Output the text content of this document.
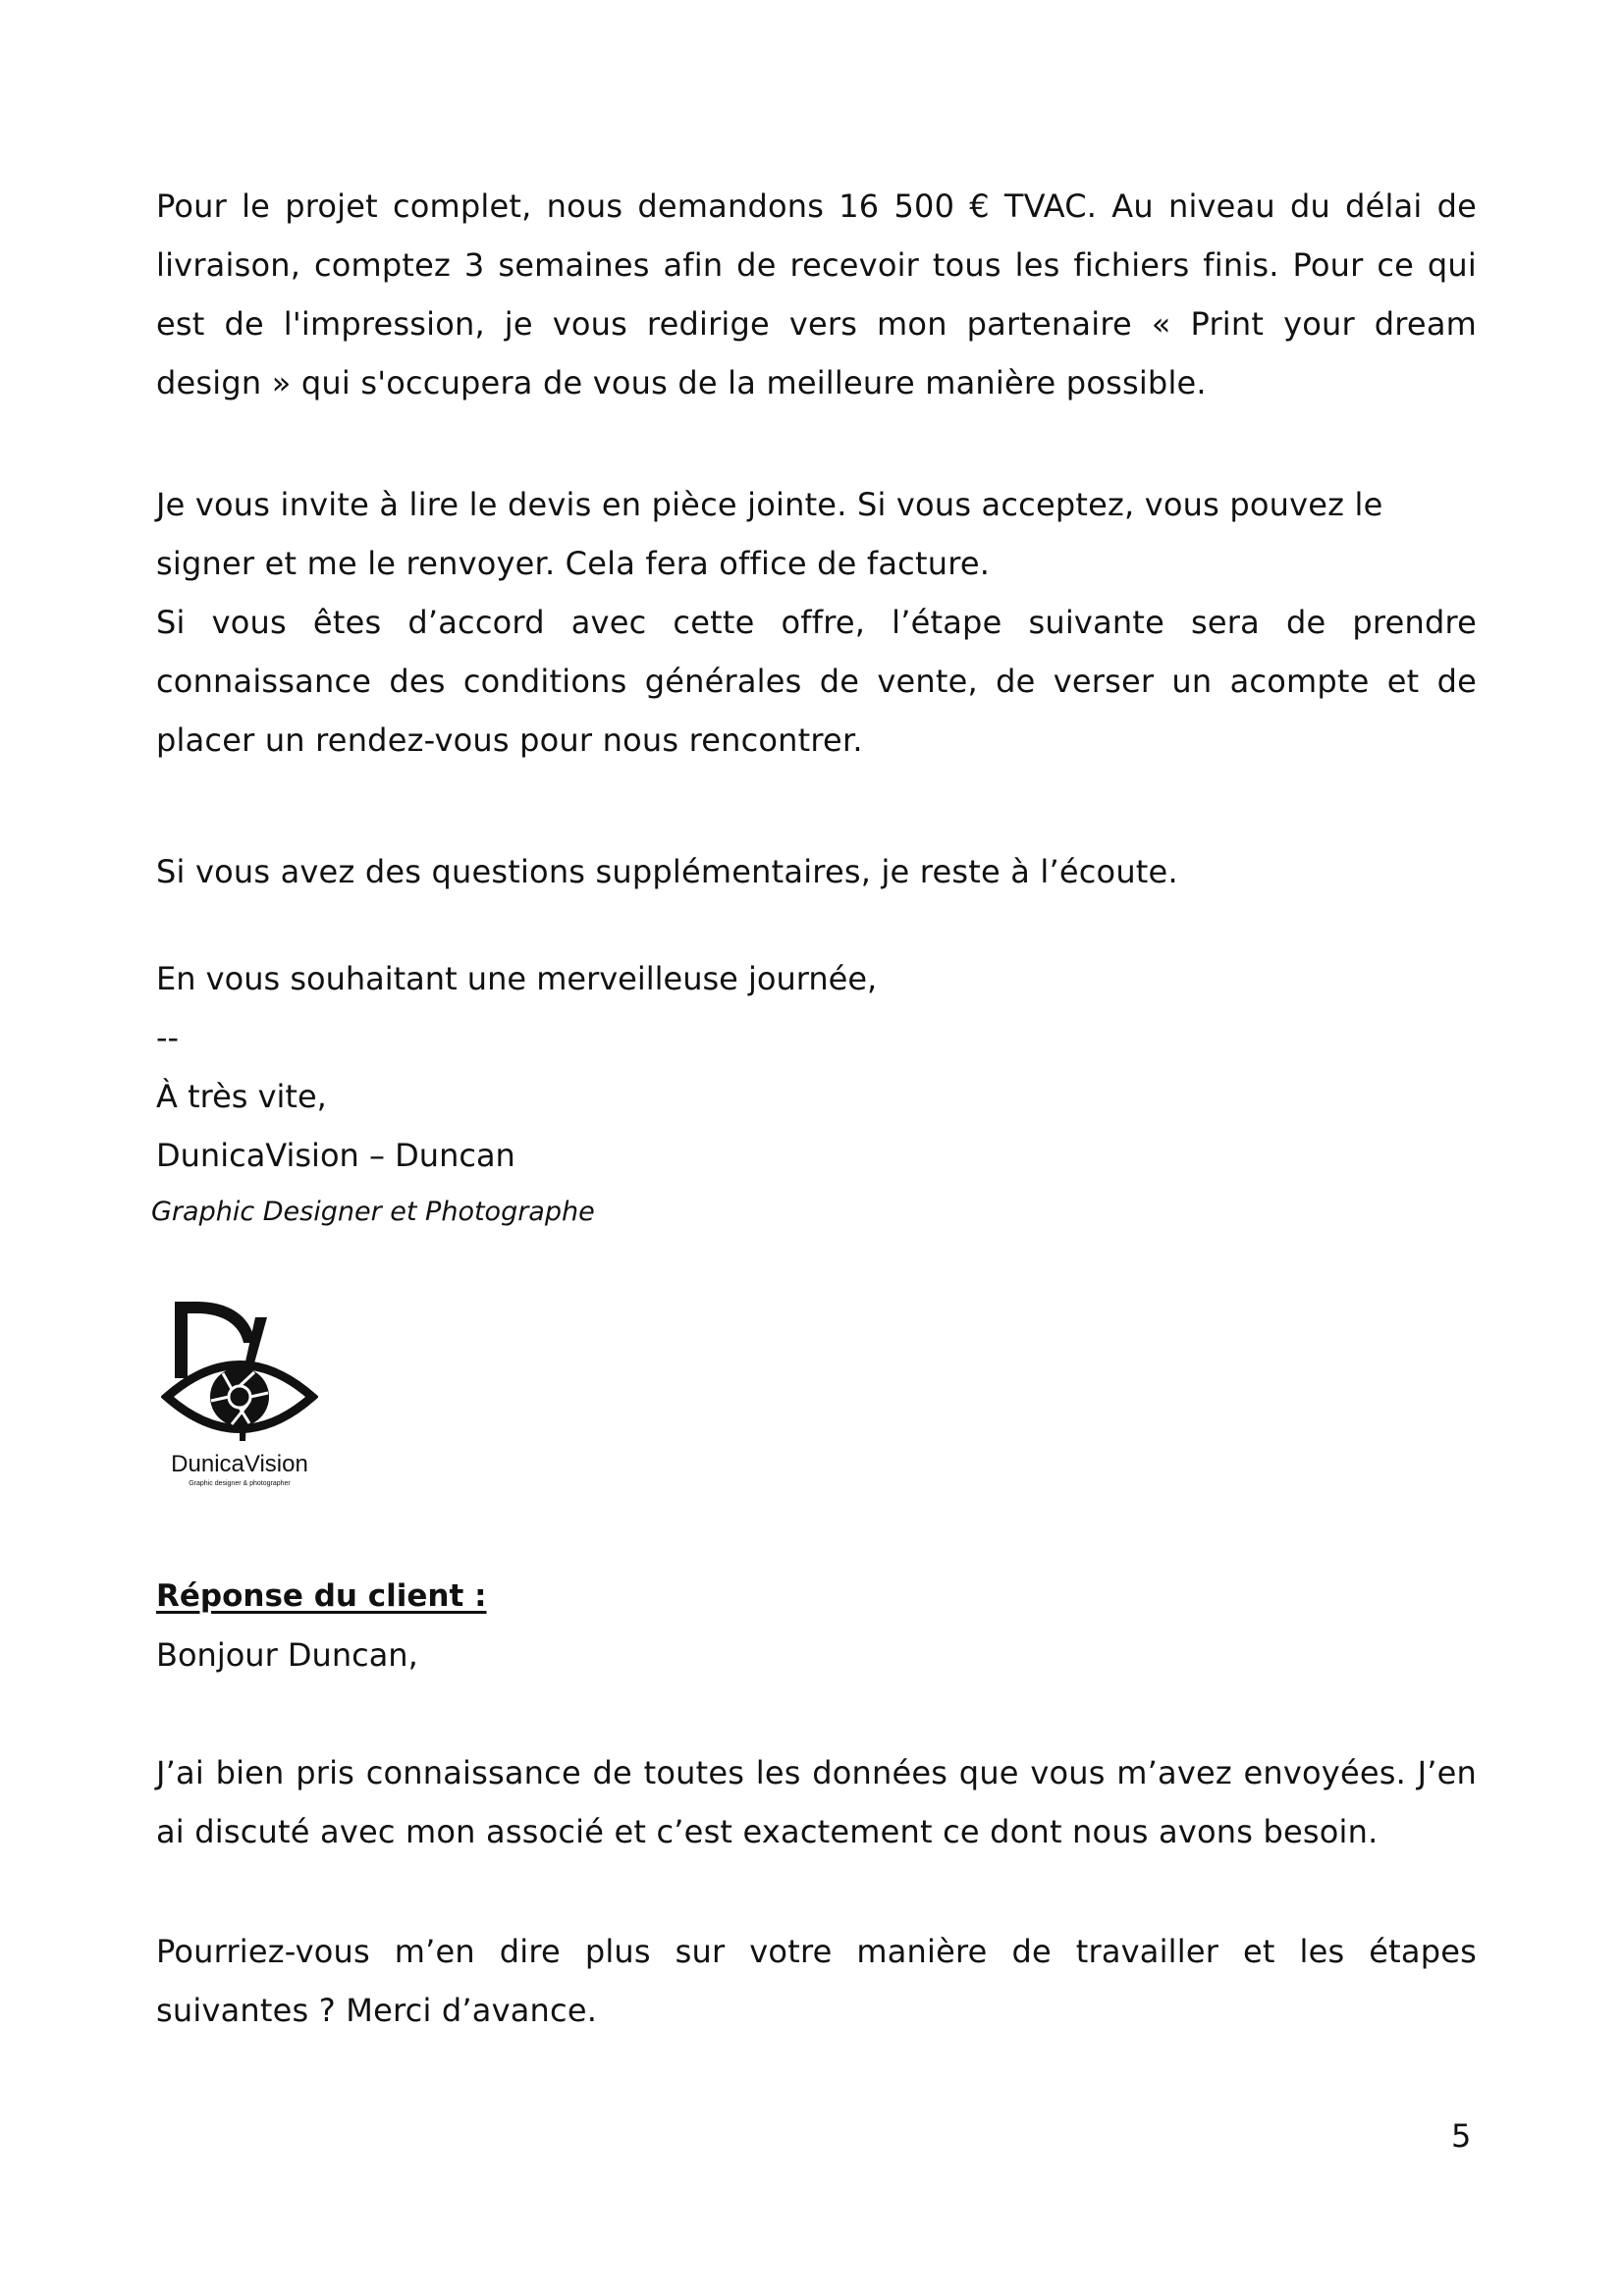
Pour le projet complet, nous demandons 16 500 € TVAC. Au niveau du délai de livraison, comptez 3 semaines afin de recevoir tous les fichiers finis. Pour ce qui est de l'impression, je vous redirige vers mon partenaire « Print your dream design » qui s'occupera de vous de la meilleure manière possible.

Je vous invite à lire le devis en pièce jointe. Si vous acceptez, vous pouvez le signer et me le renvoyer. Cela fera office de facture.

Si vous êtes d’accord avec cette offre, l’étape suivante sera de prendre connaissance des conditions générales de vente, de verser un acompte et de placer un rendez-vous pour nous rencontrer.

Si vous avez des questions supplémentaires, je reste à l’écoute.

En vous souhaitant une merveilleuse journée,
--
À très vite,
DunicaVision – Duncan
Graphic Designer et Photographe
DunicaVision
Graphic designer & photographer
Réponse du client :
Bonjour Duncan,

J’ai bien pris connaissance de toutes les données que vous m’avez envoyées. J’en ai discuté avec mon associé et c’est exactement ce dont nous avons besoin.

Pourriez-vous m’en dire plus sur votre manière de travailler et les étapes suivantes ? Merci d’avance.

5
